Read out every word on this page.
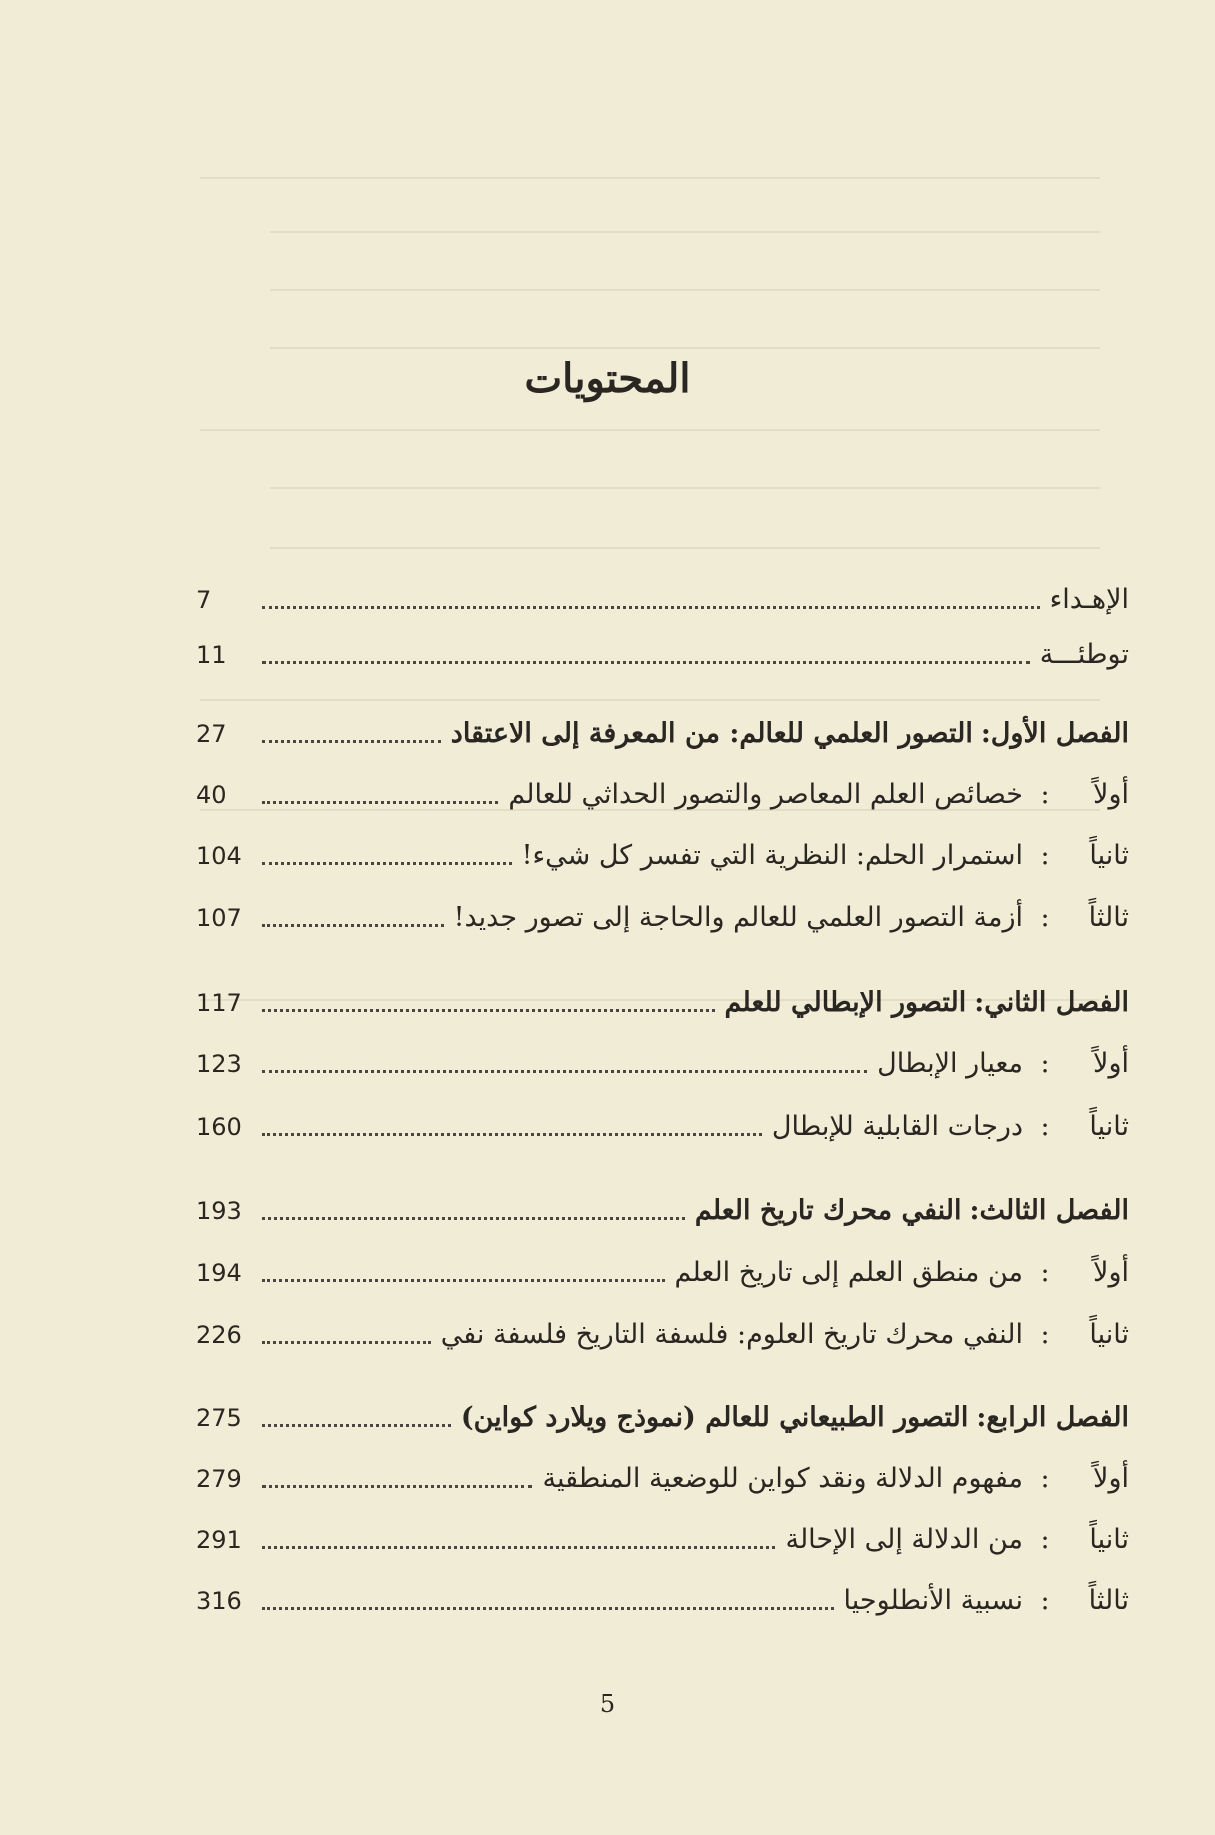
المحتويات
الإهـداء
7
توطئـــة
11
الفصل الأول:
التصور العلمي للعالم: من المعرفة إلى الاعتقاد
27
أولاً
:
خصائص العلم المعاصر والتصور الحداثي للعالم
40
ثانياً
:
استمرار الحلم: النظرية التي تفسر كل شيء!
104
ثالثاً
:
أزمة التصور العلمي للعالم والحاجة إلى تصور جديد!
107
الفصل الثاني:
التصور الإبطالي للعلم
117
أولاً
:
معيار الإبطال
123
ثانياً
:
درجات القابلية للإبطال
160
الفصل الثالث:
النفي محرك تاريخ العلم
193
أولاً
:
من منطق العلم إلى تاريخ العلم
194
ثانياً
:
النفي محرك تاريخ العلوم: فلسفة التاريخ فلسفة نفي
226
الفصل الرابع:
التصور الطبيعاني للعالم (نموذج ويلارد كواين)
275
أولاً
:
مفهوم الدلالة ونقد كواين للوضعية المنطقية
279
ثانياً
:
من الدلالة إلى الإحالة
291
ثالثاً
:
نسبية الأنطلوجيا
316
5
